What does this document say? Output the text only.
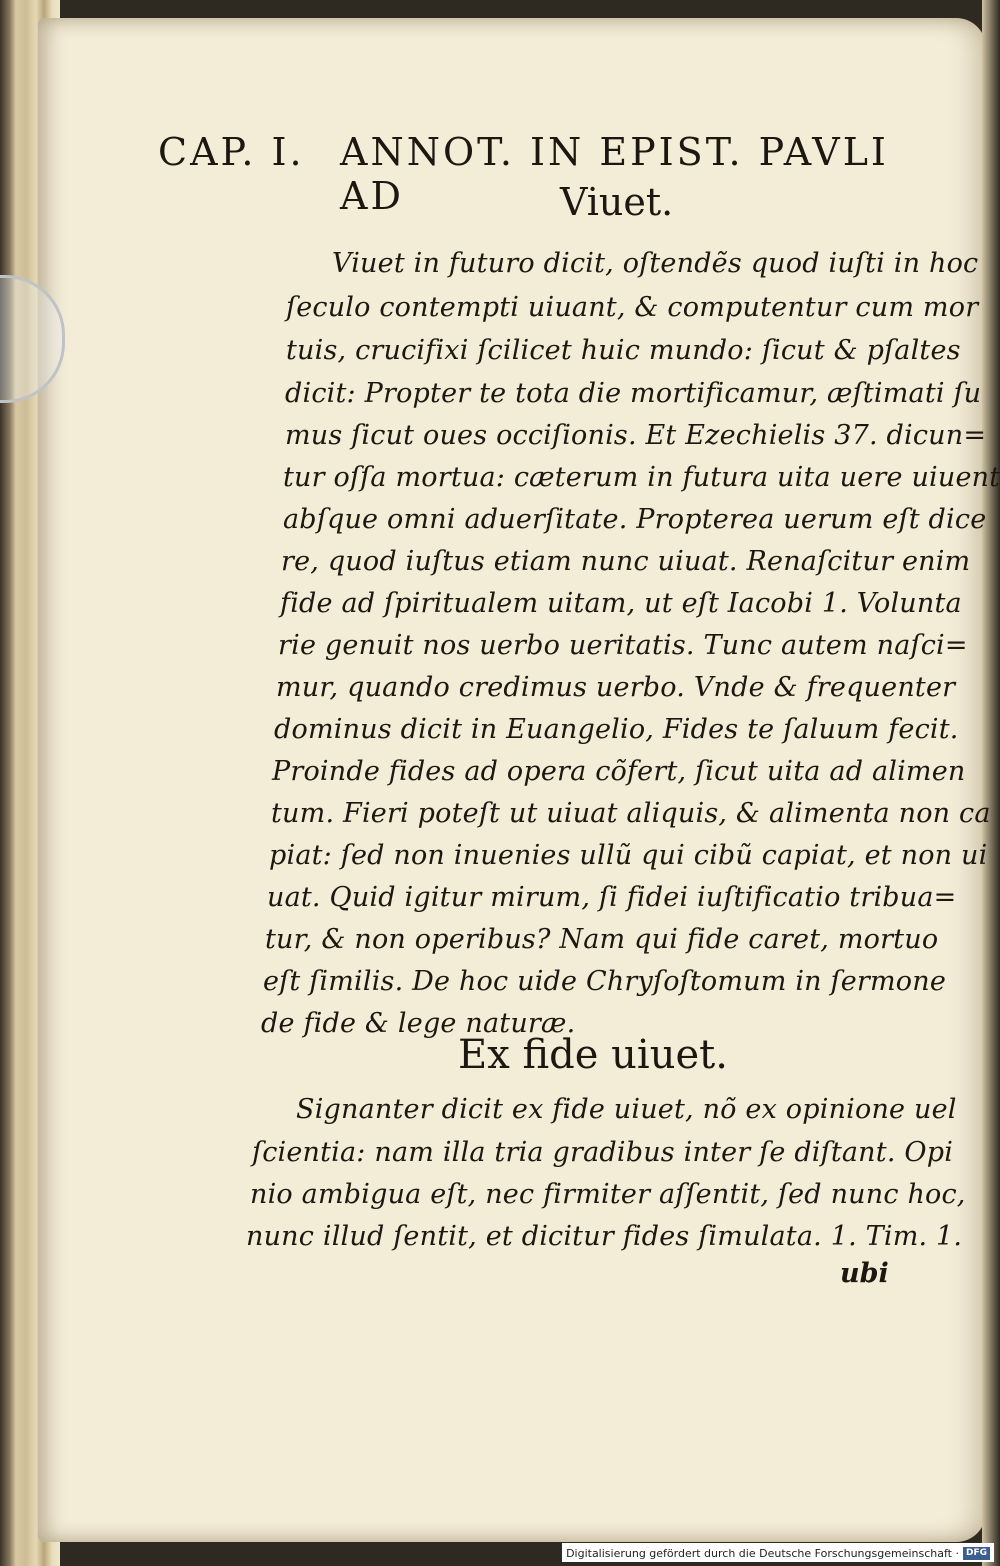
CAP. I. ANNOT. IN EPIST. PAVLI AD	Viuet.
Viuet in futuro dicit, oſtendẽs quod iuſti in hoc
ſeculo contempti uiuant, & computentur cum mor
tuis, crucifixi ſcilicet huic mundo: ſicut & pſaltes
dicit: Propter te tota die mortificamur, æſtimati ſu
mus ſicut oues occiſionis. Et Ezechielis 37. dicun=
tur oſſa mortua: cæterum in futura uita uere uiuent
abſque omni aduerſitate. Propterea uerum eſt dice
re, quod iuſtus etiam nunc uiuat. Renaſcitur enim
fide ad ſpiritualem uitam, ut eſt Iacobi 1. Volunta
rie genuit nos uerbo ueritatis. Tunc autem naſci=
mur, quando credimus uerbo. Vnde & frequenter
dominus dicit in Euangelio, Fides te ſaluum fecit.
Proinde fides ad opera cõfert, ſicut uita ad alimen
tum. Fieri poteſt ut uiuat aliquis, & alimenta non ca
piat: ſed non inuenies ullũ qui cibũ capiat, et non ui
uat. Quid igitur mirum, ſi fidei iuſtificatio tribua=
tur, & non operibus? Nam qui fide caret, mortuo
eſt ſimilis. De hoc uide Chryſoſtomum in ſermone
de fide & lege naturæ.
Ex fide uiuet.
Signanter dicit ex fide uiuet, nõ ex opinione uel
ſcientia: nam illa tria gradibus inter ſe diſtant. Opi
nio ambigua eſt, nec firmiter aſſentit, ſed nunc hoc,
nunc illud ſentit, et dicitur fides ſimulata. 1. Tim. 1.
ubi
Digitalisierung gefördert durch die Deutsche Forschungsgemeinschaft · DFG
